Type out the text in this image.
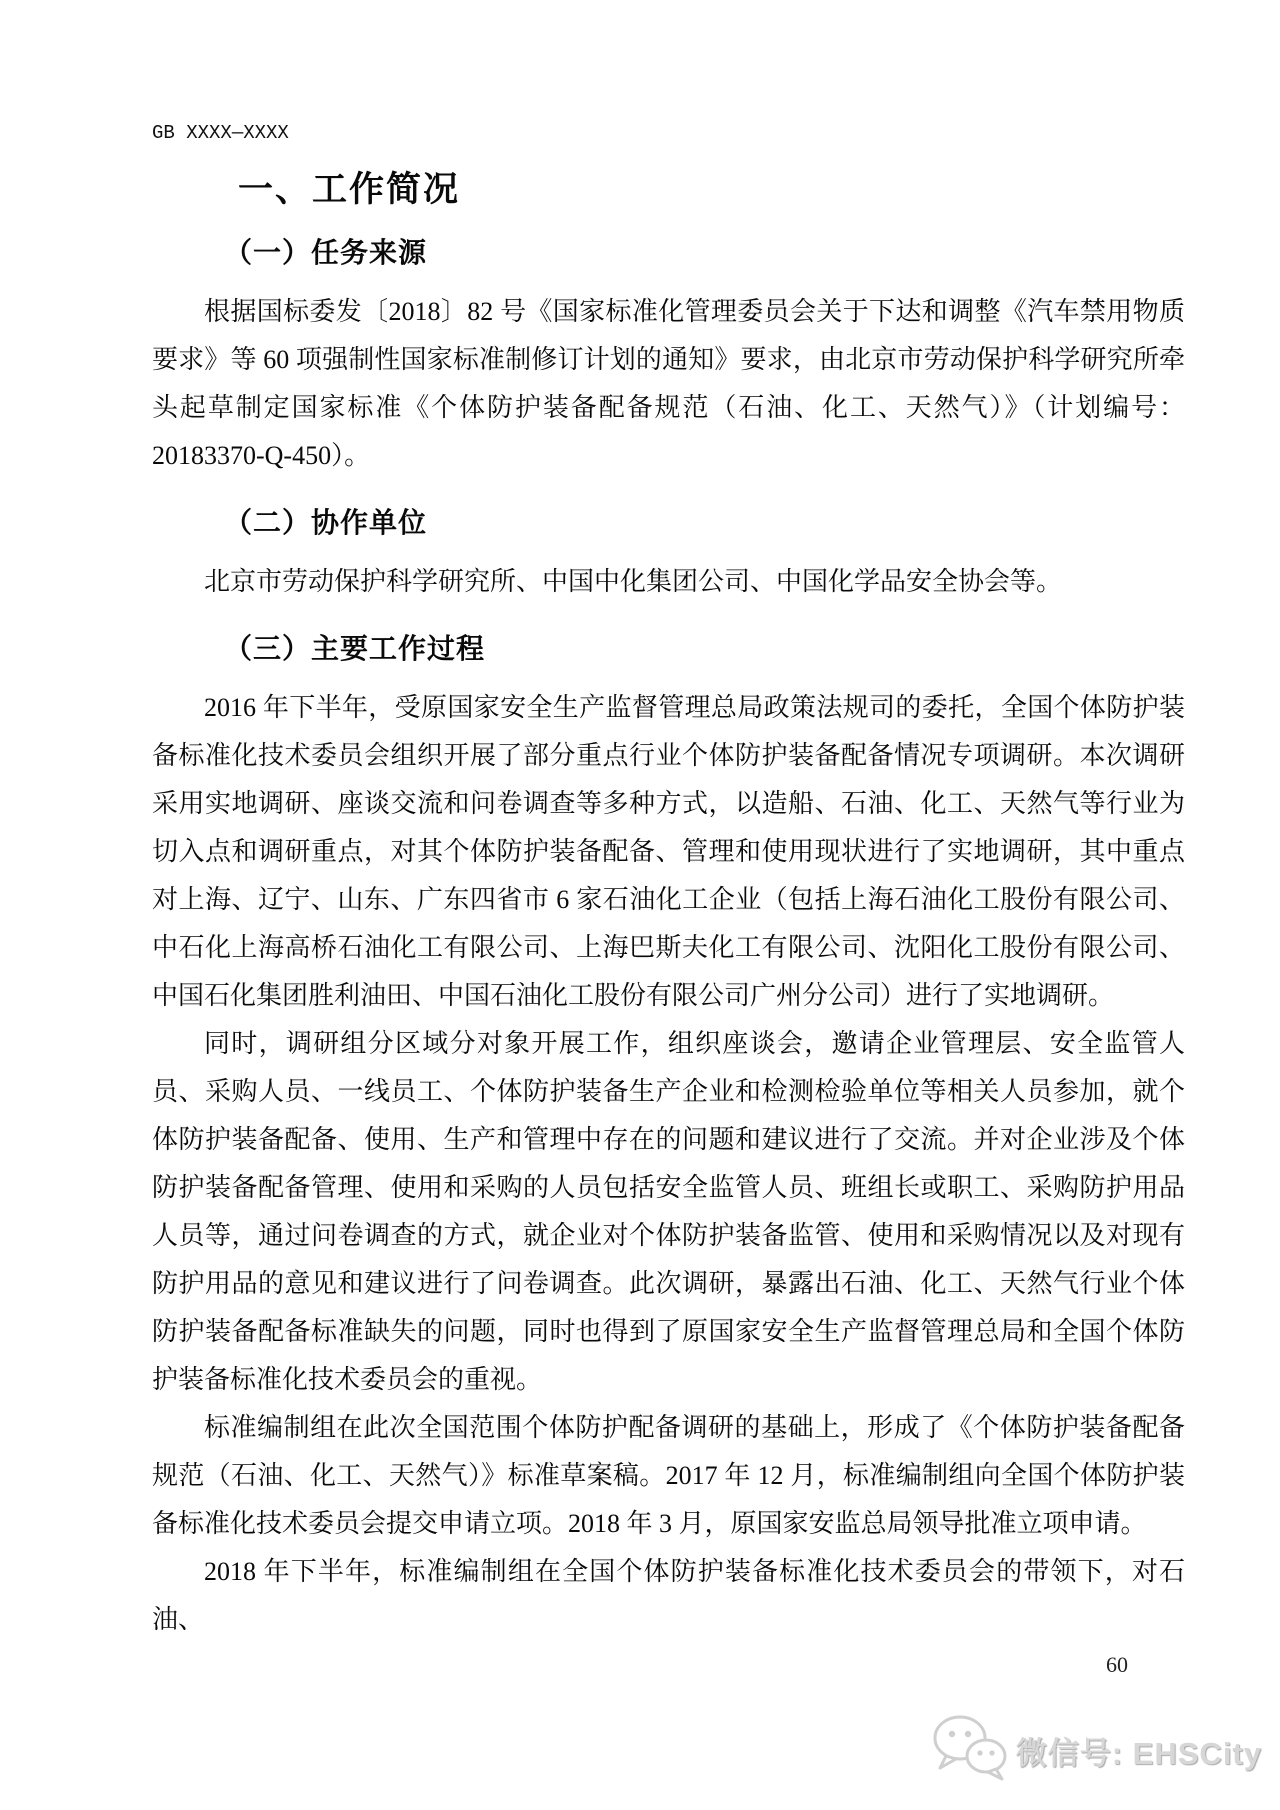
GB XXXX—XXXX
一、工作简况
（一）任务来源

根据国标委发〔2018〕82 号《国家标准化管理委员会关于下达和调整《汽车禁用物质要求》等 60 项强制性国家标准制修订计划的通知》要求，由北京市劳动保护科学研究所牵头起草制定国家标准《个体防护装备配备规范（石油、化工、天然气）》（计划编号：20183370-Q-450）。

（二）协作单位

北京市劳动保护科学研究所、中国中化集团公司、中国化学品安全协会等。

（三）主要工作过程

2016 年下半年，受原国家安全生产监督管理总局政策法规司的委托，全国个体防护装备标准化技术委员会组织开展了部分重点行业个体防护装备配备情况专项调研。本次调研采用实地调研、座谈交流和问卷调查等多种方式，以造船、石油、化工、天然气等行业为切入点和调研重点，对其个体防护装备配备、管理和使用现状进行了实地调研，其中重点对上海、辽宁、山东、广东四省市 6 家石油化工企业（包括上海石油化工股份有限公司、中石化上海高桥石油化工有限公司、上海巴斯夫化工有限公司、沈阳化工股份有限公司、中国石化集团胜利油田、中国石油化工股份有限公司广州分公司）进行了实地调研。

同时，调研组分区域分对象开展工作，组织座谈会，邀请企业管理层、安全监管人员、采购人员、一线员工、个体防护装备生产企业和检测检验单位等相关人员参加，就个体防护装备配备、使用、生产和管理中存在的问题和建议进行了交流。并对企业涉及个体防护装备配备管理、使用和采购的人员包括安全监管人员、班组长或职工、采购防护用品人员等，通过问卷调查的方式，就企业对个体防护装备监管、使用和采购情况以及对现有防护用品的意见和建议进行了问卷调查。此次调研，暴露出石油、化工、天然气行业个体防护装备配备标准缺失的问题，同时也得到了原国家安全生产监督管理总局和全国个体防护装备标准化技术委员会的重视。

标准编制组在此次全国范围个体防护配备调研的基础上，形成了《个体防护装备配备规范（石油、化工、天然气）》标准草案稿。2017 年 12 月，标准编制组向全国个体防护装备标准化技术委员会提交申请立项。2018 年 3 月，原国家安监总局领导批准立项申请。

2018 年下半年，标准编制组在全国个体防护装备标准化技术委员会的带领下，对石油、

60
微信号: EHSCity
